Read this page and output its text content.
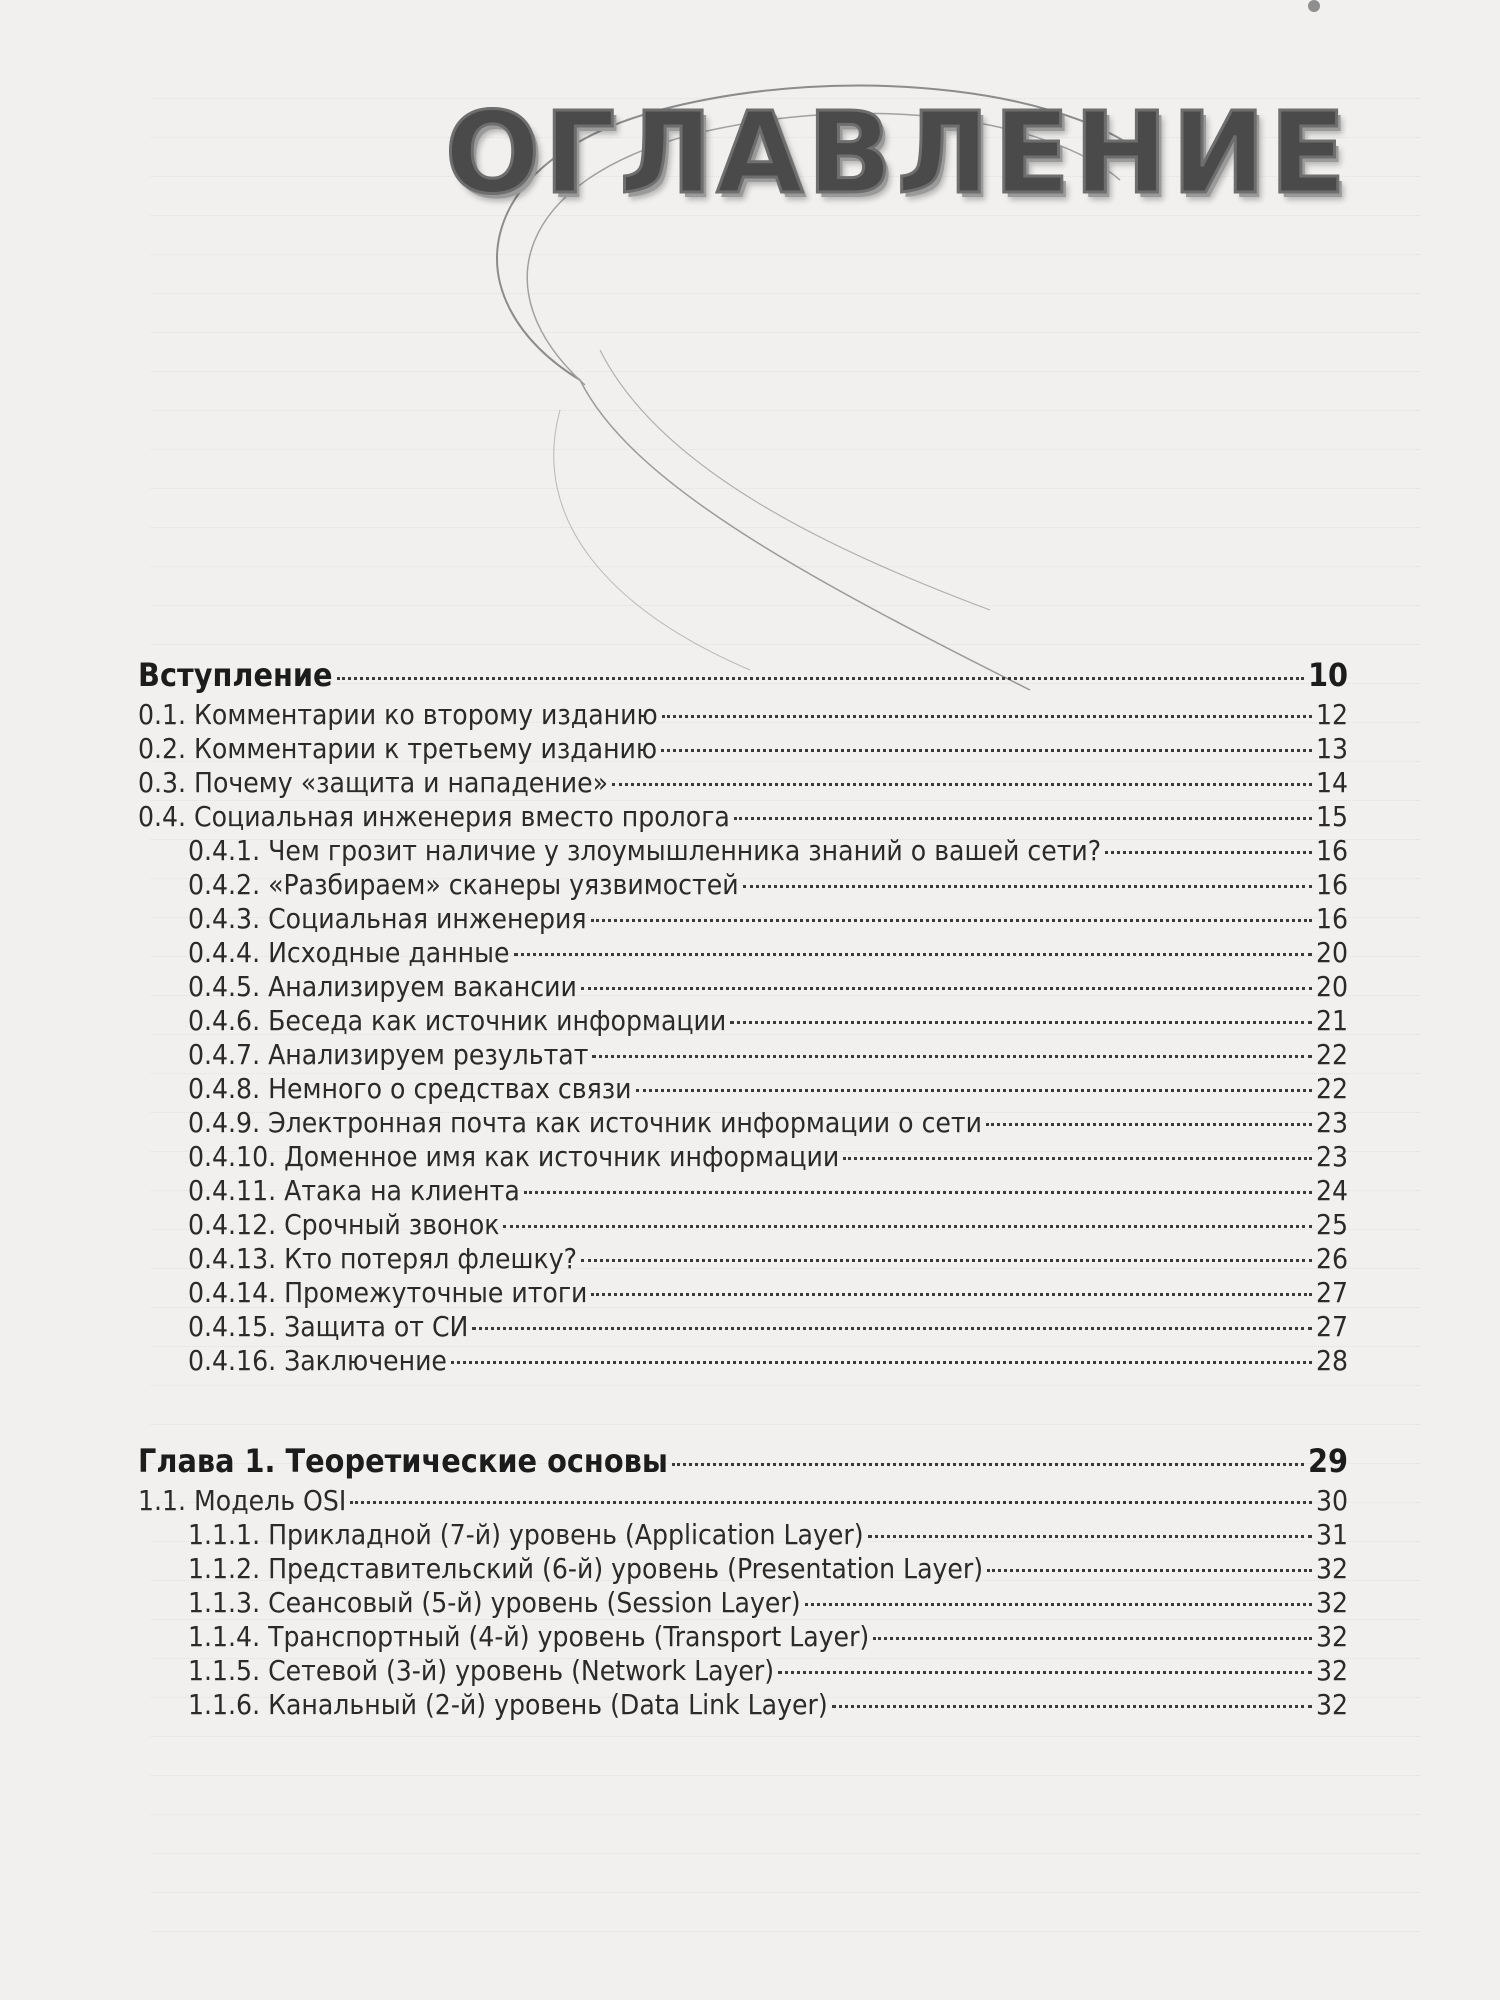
ОГЛАВЛЕНИЕ
Вступление	10
0.1. Комментарии ко второму изданию	12
0.2. Комментарии к третьему изданию	13
0.3. Почему «защита и нападение»	14
0.4. Социальная инженерия вместо пролога	15
0.4.1. Чем грозит наличие у злоумышленника знаний о вашей сети?	16
0.4.2. «Разбираем» сканеры уязвимостей	16
0.4.3. Социальная инженерия	16
0.4.4. Исходные данные	20
0.4.5. Анализируем вакансии	20
0.4.6. Беседа как источник информации	21
0.4.7. Анализируем результат	22
0.4.8. Немного о средствах связи	22
0.4.9. Электронная почта как источник информации о сети	23
0.4.10. Доменное имя как источник информации	23
0.4.11. Атака на клиента	24
0.4.12. Срочный звонок	25
0.4.13. Кто потерял флешку?	26
0.4.14. Промежуточные итоги	27
0.4.15. Защита от СИ	27
0.4.16. Заключение	28
Глава 1. Теоретические основы	29
1.1. Модель OSI	30
1.1.1. Прикладной (7-й) уровень (Application Layer)	31
1.1.2. Представительский (6-й) уровень (Presentation Layer)	32
1.1.3. Сеансовый (5-й) уровень (Session Layer)	32
1.1.4. Транспортный (4-й) уровень (Transport Layer)	32
1.1.5. Сетевой (3-й) уровень (Network Layer)	32
1.1.6. Канальный (2-й) уровень (Data Link Layer)	32
